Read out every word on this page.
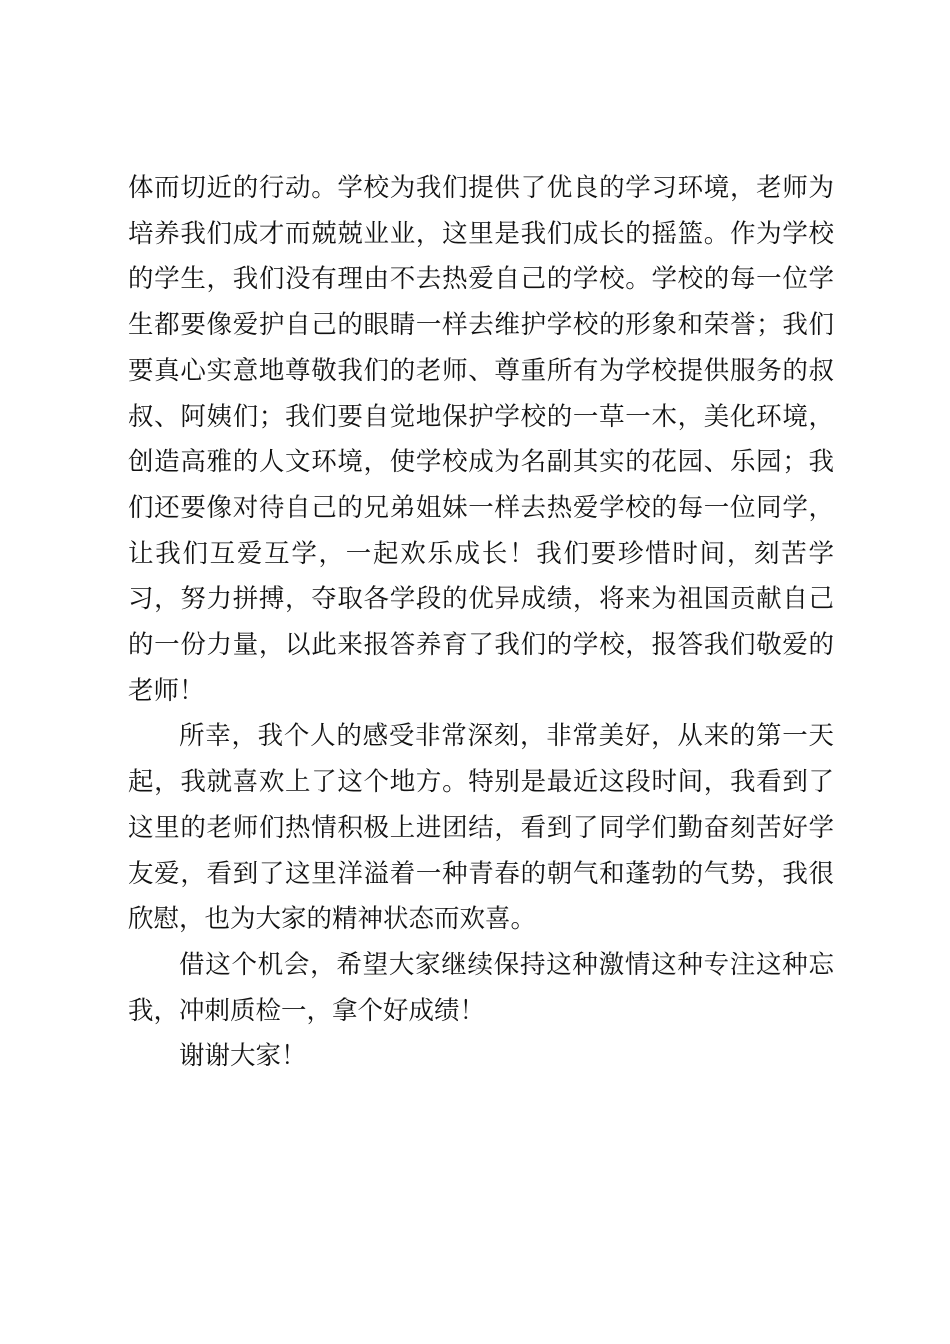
体而切近的行动。学校为我们提供了优良的学习环境，老师为培养我们成才而兢兢业业，这里是我们成长的摇篮。作为学校的学生，我们没有理由不去热爱自己的学校。学校的每一位学生都要像爱护自己的眼睛一样去维护学校的形象和荣誉；我们要真心实意地尊敬我们的老师、尊重所有为学校提供服务的叔叔、阿姨们；我们要自觉地保护学校的一草一木，美化环境，创造高雅的人文环境，使学校成为名副其实的花园、乐园；我们还要像对待自己的兄弟姐妹一样去热爱学校的每一位同学，让我们互爱互学，一起欢乐成长！我们要珍惜时间，刻苦学习，努力拼搏，夺取各学段的优异成绩，将来为祖国贡献自己的一份力量，以此来报答养育了我们的学校，报答我们敬爱的老师！

所幸，我个人的感受非常深刻，非常美好，从来的第一天起，我就喜欢上了这个地方。特别是最近这段时间，我看到了这里的老师们热情积极上进团结，看到了同学们勤奋刻苦好学友爱，看到了这里洋溢着一种青春的朝气和蓬勃的气势，我很欣慰，也为大家的精神状态而欢喜。

借这个机会，希望大家继续保持这种激情这种专注这种忘我，冲刺质检一，拿个好成绩！

谢谢大家！
